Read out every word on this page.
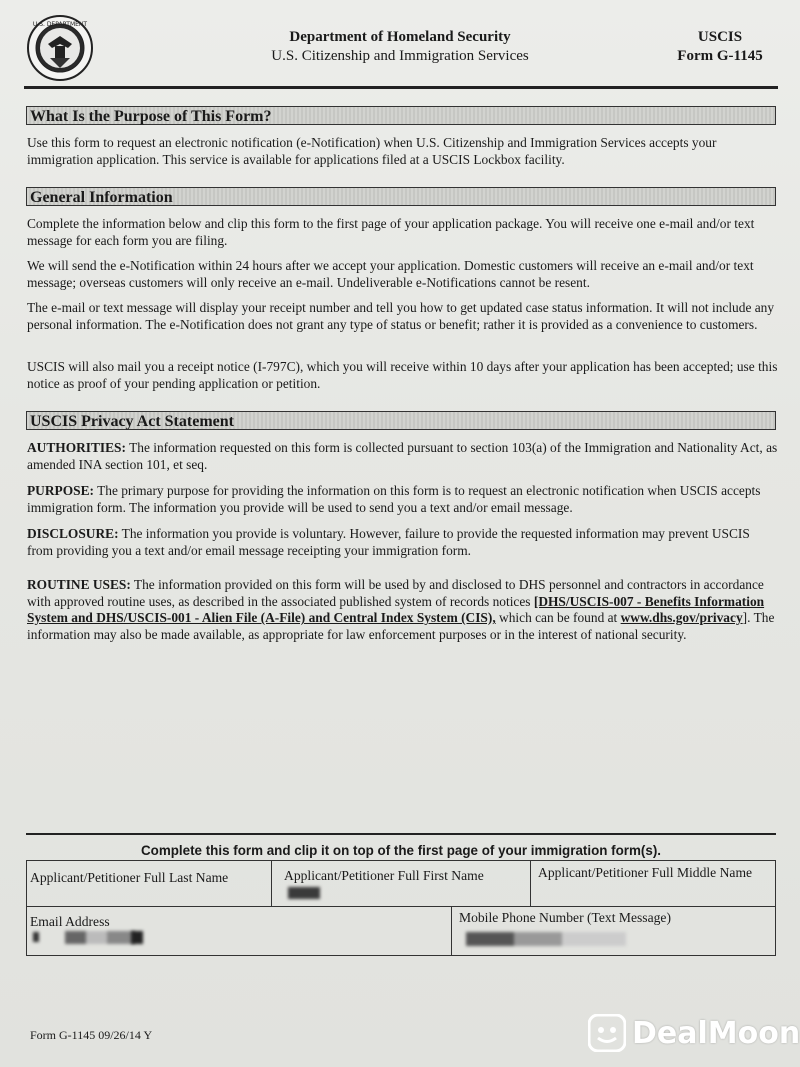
U.S. DEPARTMENT
Department of Homeland Security
U.S. Citizenship and Immigration Services
USCIS
Form G-1145
What Is the Purpose of This Form?
Use this form to request an electronic notification (e-Notification) when U.S. Citizenship and Immigration Services accepts your immigration application. This service is available for applications filed at a USCIS Lockbox facility.
General Information
Complete the information below and clip this form to the first page of your application package. You will receive one e-mail and/or text message for each form you are filing.
We will send the e-Notification within 24 hours after we accept your application. Domestic customers will receive an e-mail and/or text message; overseas customers will only receive an e-mail. Undeliverable e-Notifications cannot be resent.
The e-mail or text message will display your receipt number and tell you how to get updated case status information. It will not include any personal information. The e-Notification does not grant any type of status or benefit; rather it is provided as a convenience to customers.
USCIS will also mail you a receipt notice (I-797C), which you will receive within 10 days after your application has been accepted; use this notice as proof of your pending application or petition.
USCIS Privacy Act Statement
AUTHORITIES: The information requested on this form is collected pursuant to section 103(a) of the Immigration and Nationality Act, as amended INA section 101, et seq.
PURPOSE: The primary purpose for providing the information on this form is to request an electronic notification when USCIS accepts immigration form. The information you provide will be used to send you a text and/or email message.
DISCLOSURE: The information you provide is voluntary. However, failure to provide the requested information may prevent USCIS from providing you a text and/or email message receipting your immigration form.
ROUTINE USES: The information provided on this form will be used by and disclosed to DHS personnel and contractors in accordance with approved routine uses, as described in the associated published system of records notices [DHS/USCIS-007 - Benefits Information System and DHS/USCIS-001 - Alien File (A-File) and Central Index System (CIS), which can be found at www.dhs.gov/privacy]. The information may also be made available, as appropriate for law enforcement purposes or in the interest of national security.
Complete this form and clip it on top of the first page of your immigration form(s).
Applicant/Petitioner Full Last Name	Applicant/Petitioner Full First Name	Applicant/Petitioner Full Middle Name
Email Address	Mobile Phone Number (Text Message)
Form G-1145 09/26/14 Y	DealMoon
